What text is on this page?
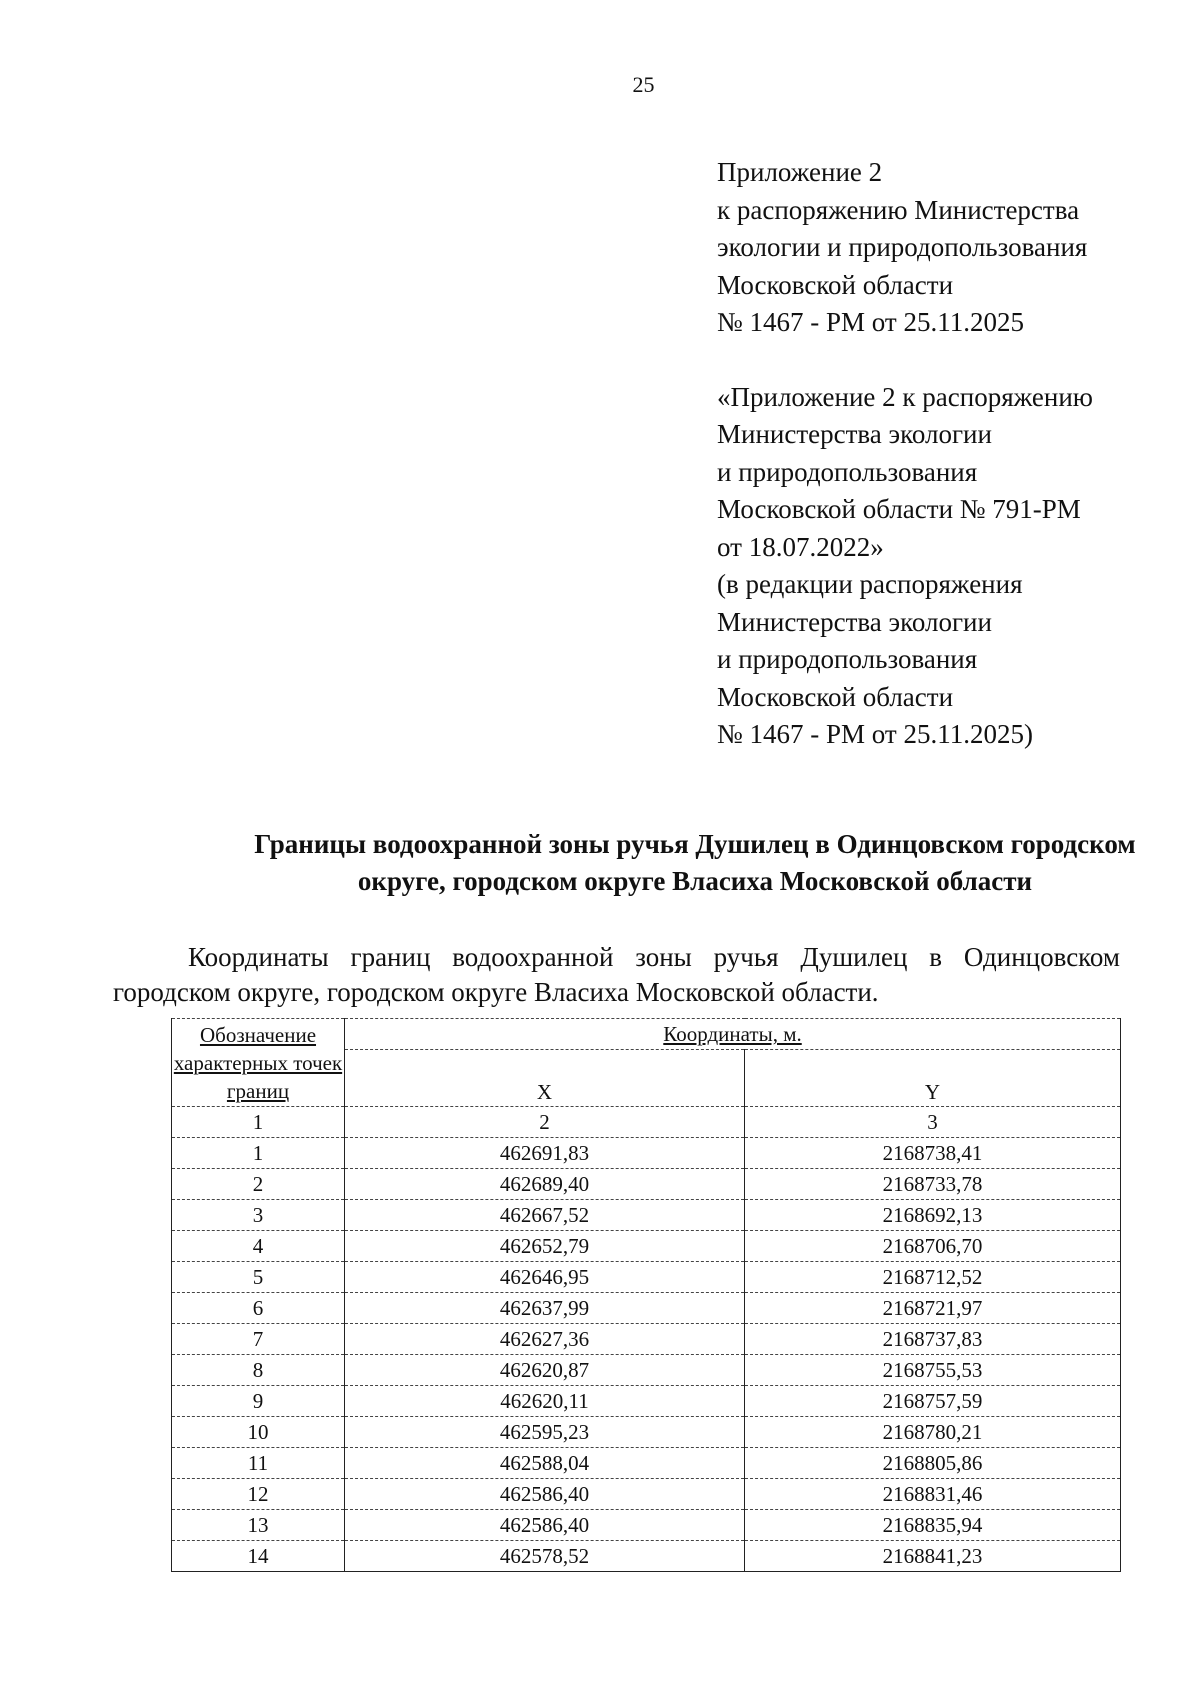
25
Приложение 2
к распоряжению Министерства
экологии и природопользования
Московской области
№ 1467 - РМ от 25.11.2025
«Приложение 2 к распоряжению
Министерства экологии
и природопользования
Московской области № 791-РМ
от 18.07.2022»
(в редакции распоряжения
Министерства экологии
и природопользования
Московской области
№ 1467 - РМ от 25.11.2025)
Границы водоохранной зоны ручья Душилец в Одинцовском городском
округе, городском округе Власиха Московской области
Координаты границ водоохранной зоны ручья Душилец в Одинцовском
городском округе, городском округе Власиха Московской области.
Обозначение характерных точек границ	Координаты, м.	
	X	Y
1	2	3
1	462691,83	2168738,41
2	462689,40	2168733,78
3	462667,52	2168692,13
4	462652,79	2168706,70
5	462646,95	2168712,52
6	462637,99	2168721,97
7	462627,36	2168737,83
8	462620,87	2168755,53
9	462620,11	2168757,59
10	462595,23	2168780,21
11	462588,04	2168805,86
12	462586,40	2168831,46
13	462586,40	2168835,94
14	462578,52	2168841,23
